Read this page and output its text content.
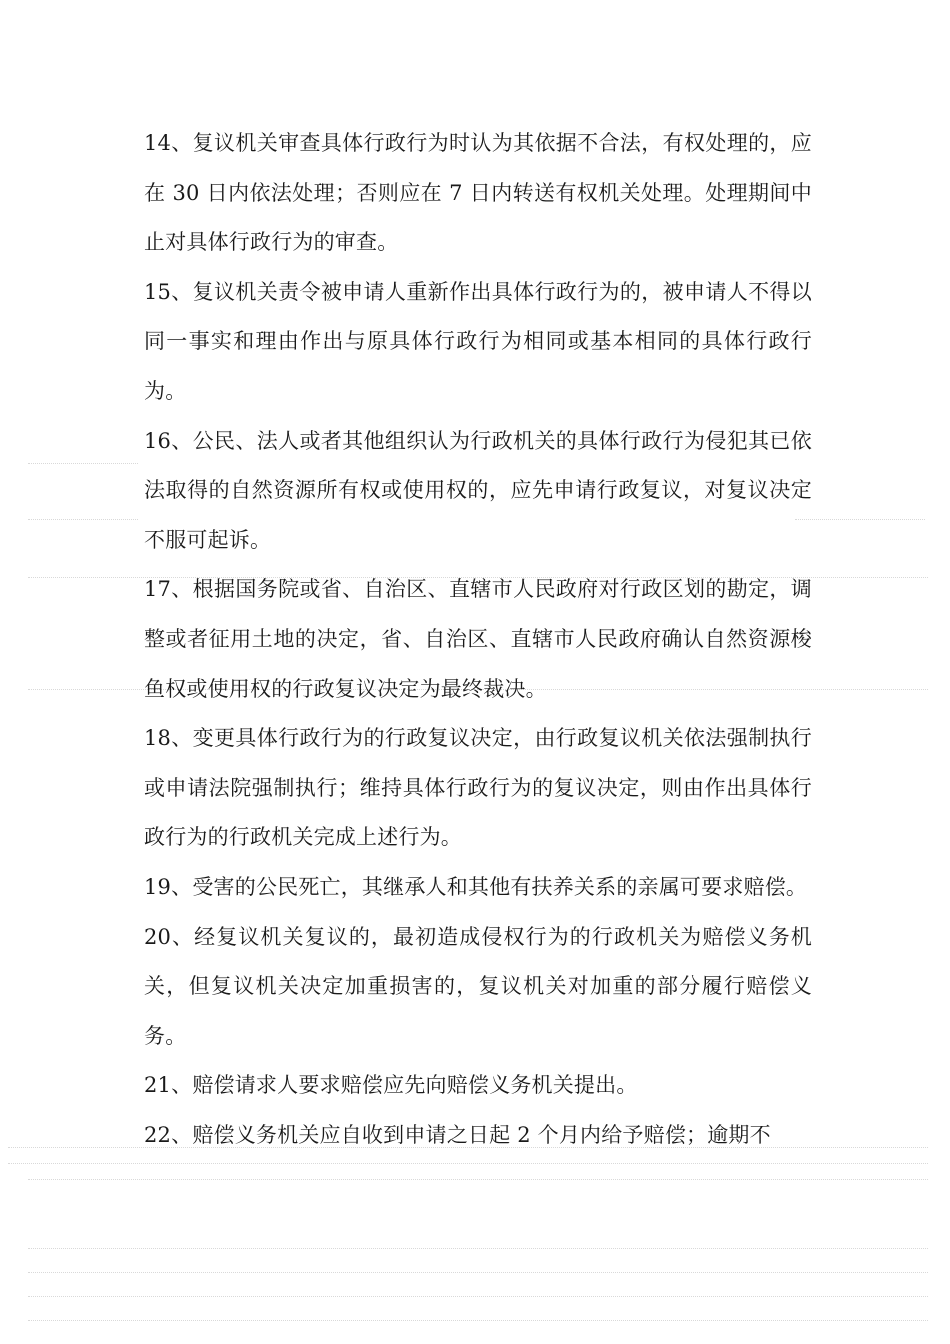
14、复议机关审查具体行政行为时认为其依据不合法，有权处理的，应在 30 日内依法处理；否则应在 7 日内转送有权机关处理。处理期间中止对具体行政行为的审查。

15、复议机关责令被申请人重新作出具体行政行为的，被申请人不得以同一事实和理由作出与原具体行政行为相同或基本相同的具体行政行为。

16、公民、法人或者其他组织认为行政机关的具体行政行为侵犯其已依法取得的自然资源所有权或使用权的，应先申请行政复议，对复议决定不服可起诉。

17、根据国务院或省、自治区、直辖市人民政府对行政区划的勘定，调整或者征用土地的决定，省、自治区、直辖市人民政府确认自然资源梭鱼权或使用权的行政复议决定为最终裁决。

18、变更具体行政行为的行政复议决定，由行政复议机关依法强制执行或申请法院强制执行；维持具体行政行为的复议决定，则由作出具体行政行为的行政机关完成上述行为。

19、受害的公民死亡，其继承人和其他有扶养关系的亲属可要求赔偿。

20、经复议机关复议的，最初造成侵权行为的行政机关为赔偿义务机关，但复议机关决定加重损害的，复议机关对加重的部分履行赔偿义务。

21、赔偿请求人要求赔偿应先向赔偿义务机关提出。

22、赔偿义务机关应自收到申请之日起 2 个月内给予赔偿；逾期不
